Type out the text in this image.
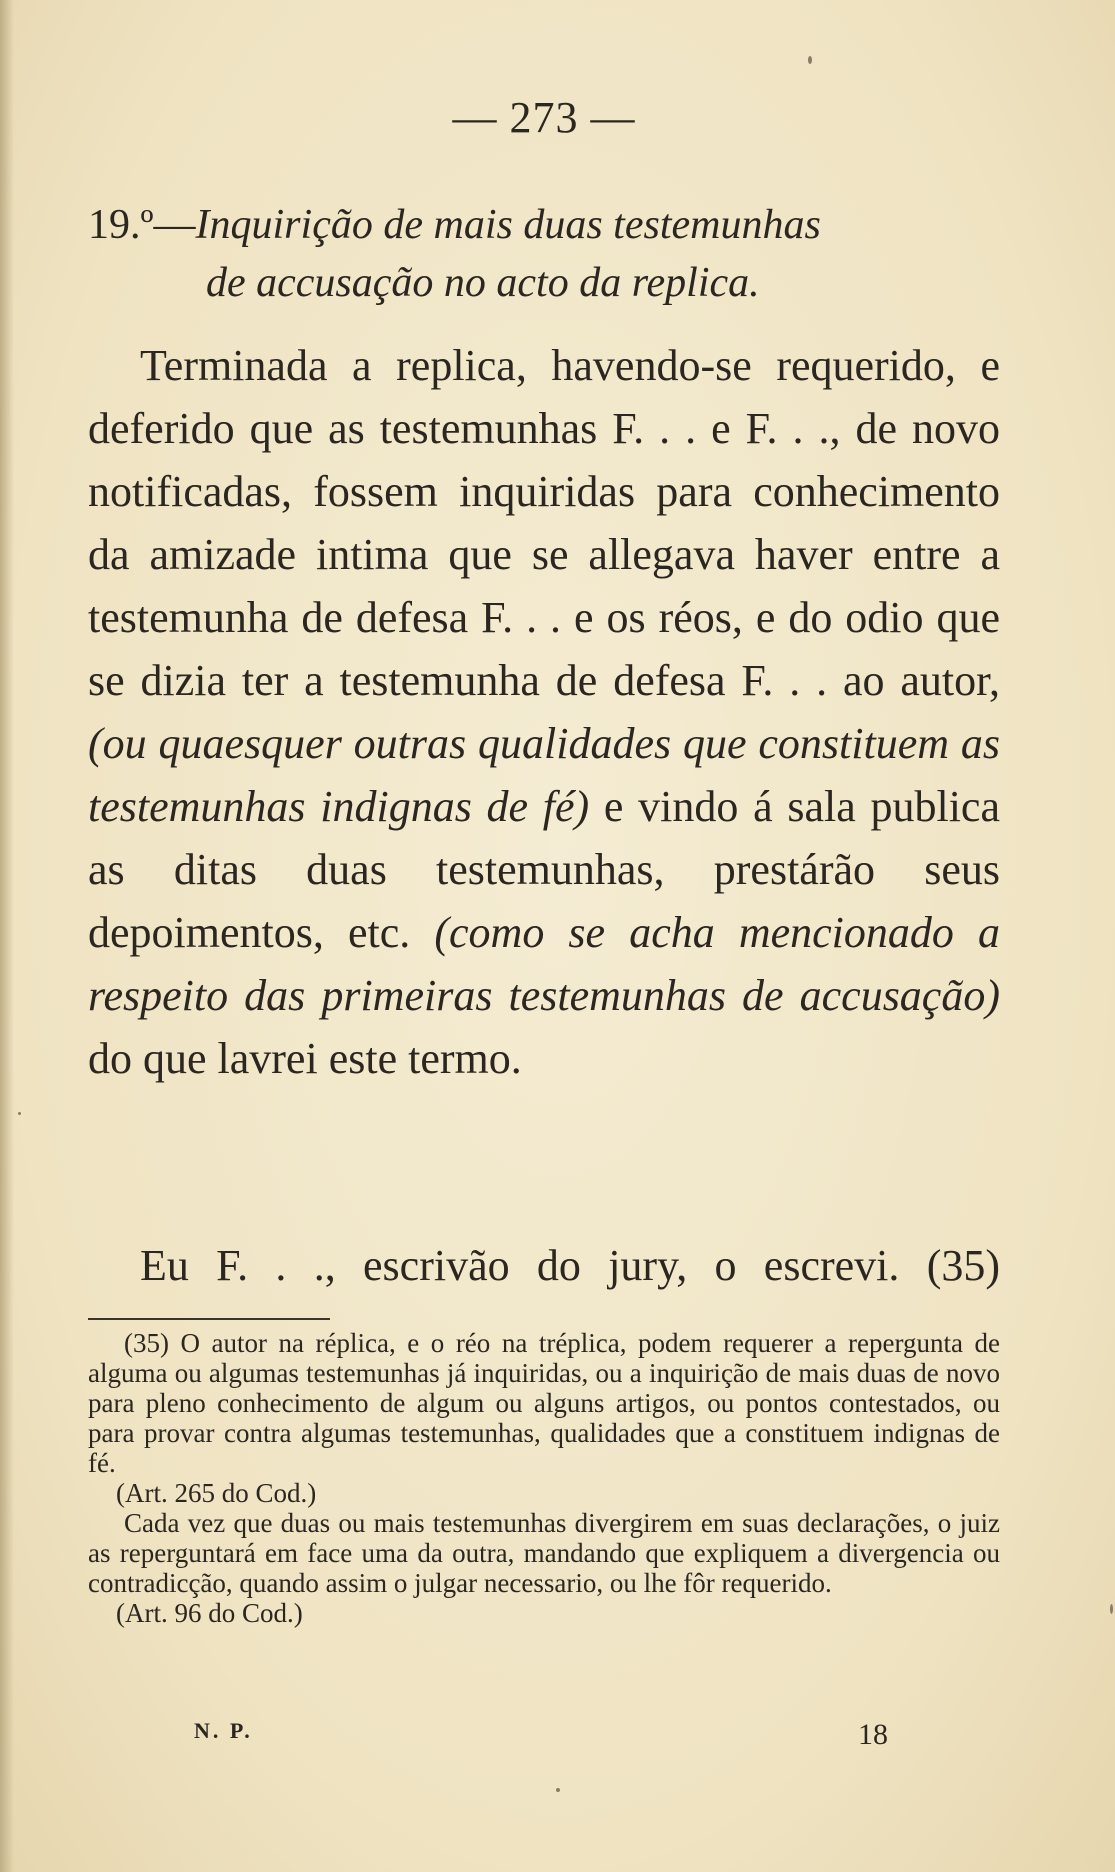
— 273 —
19.º—Inquirição de mais duas testemunhas
de accusação no acto da replica.
Terminada a replica, havendo-se requerido, e deferido que as testemunhas F. . . e F. . ., de novo notificadas, fossem inquiridas para conhecimento da amizade intima que se allegava haver entre a testemunha de defesa F. . . e os réos, e do odio que se dizia ter a testemunha de defesa F. . . ao autor, (ou quaesquer outras qualidades que constituem as testemunhas indignas de fé) e vindo á sala publica as ditas duas testemunhas, prestárão seus depoimentos, etc. (como se acha mencionado a respeito das primeiras testemunhas de accusação) do que lavrei este termo.
Eu F. . ., escrivão do jury, o escrevi. (35)

(35) O autor na réplica, e o réo na tréplica, podem requerer a repergunta de alguma ou algumas testemunhas já inquiridas, ou a inquirição de mais duas de novo para pleno conhecimento de algum ou alguns artigos, ou pontos contestados, ou para provar contra algumas testemunhas, qualidades que a constituem indignas de fé.

(Art. 265 do Cod.)

Cada vez que duas ou mais testemunhas divergirem em suas declarações, o juiz as reperguntará em face uma da outra, mandando que expliquem a divergencia ou contradicção, quando assim o julgar necessario, ou lhe fôr requerido.

(Art. 96 do Cod.)

N. P.	18
